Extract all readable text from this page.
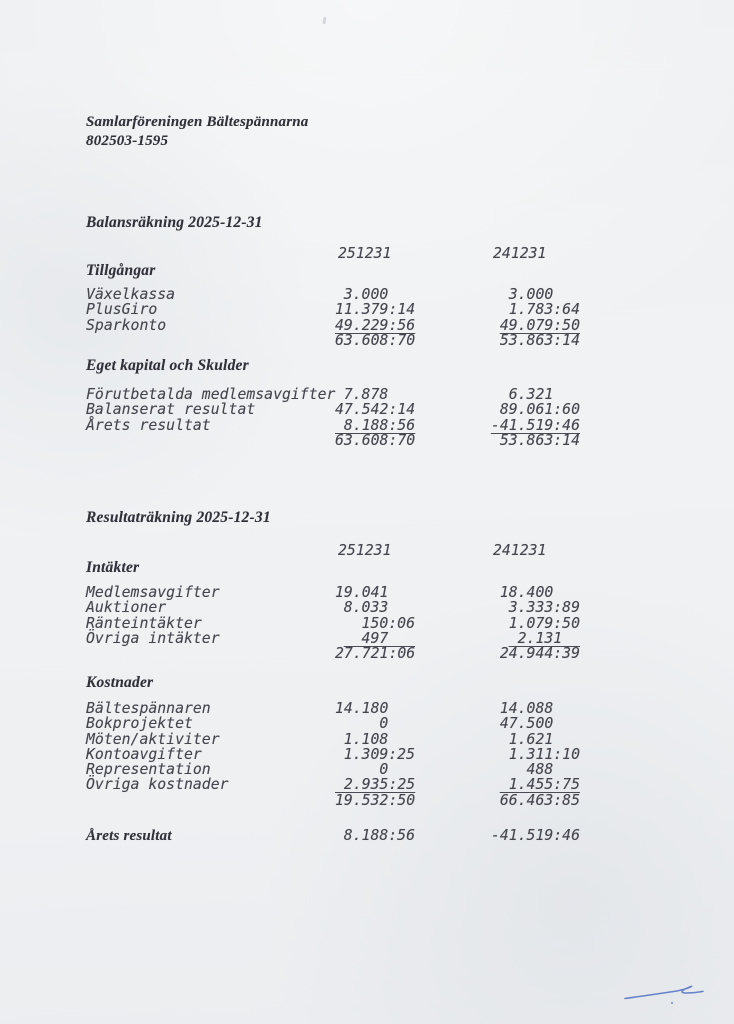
Samlarföreningen Bältespännarna
802503-1595
Balansräkning 2025-12-31
251231	241231
Tillgångar
Växelkassa	3.000	3.000
PlusGiro	11.379:14	1.783:64
Sparkonto	49.229:56	49.079:50
63.608:70	53.863:14
Eget kapital och Skulder
Förutbetalda medlemsavgifter 7.878	6.321
Balanserat resultat	47.542:14	89.061:60
Årets resultat	8.188:56	-41.519:46
63.608:70	53.863:14
Resultaträkning 2025-12-31
251231	241231
Intäkter
Medlemsavgifter	19.041	18.400
Auktioner	8.033	3.333:89
Ränteintäkter	150:06	1.079:50
Övriga intäkter	497	2.131
27.721:06	24.944:39
Kostnader
Bältespännaren	14.180	14.088
Bokprojektet	0	47.500
Möten/aktiviter	1.108	1.621
Kontoavgifter	1.309:25	1.311:10
Representation	0	488
Övriga kostnader	2.935:25	1.455:75
19.532:50	66.463:85
Årets resultat	8.188:56	-41.519:46
